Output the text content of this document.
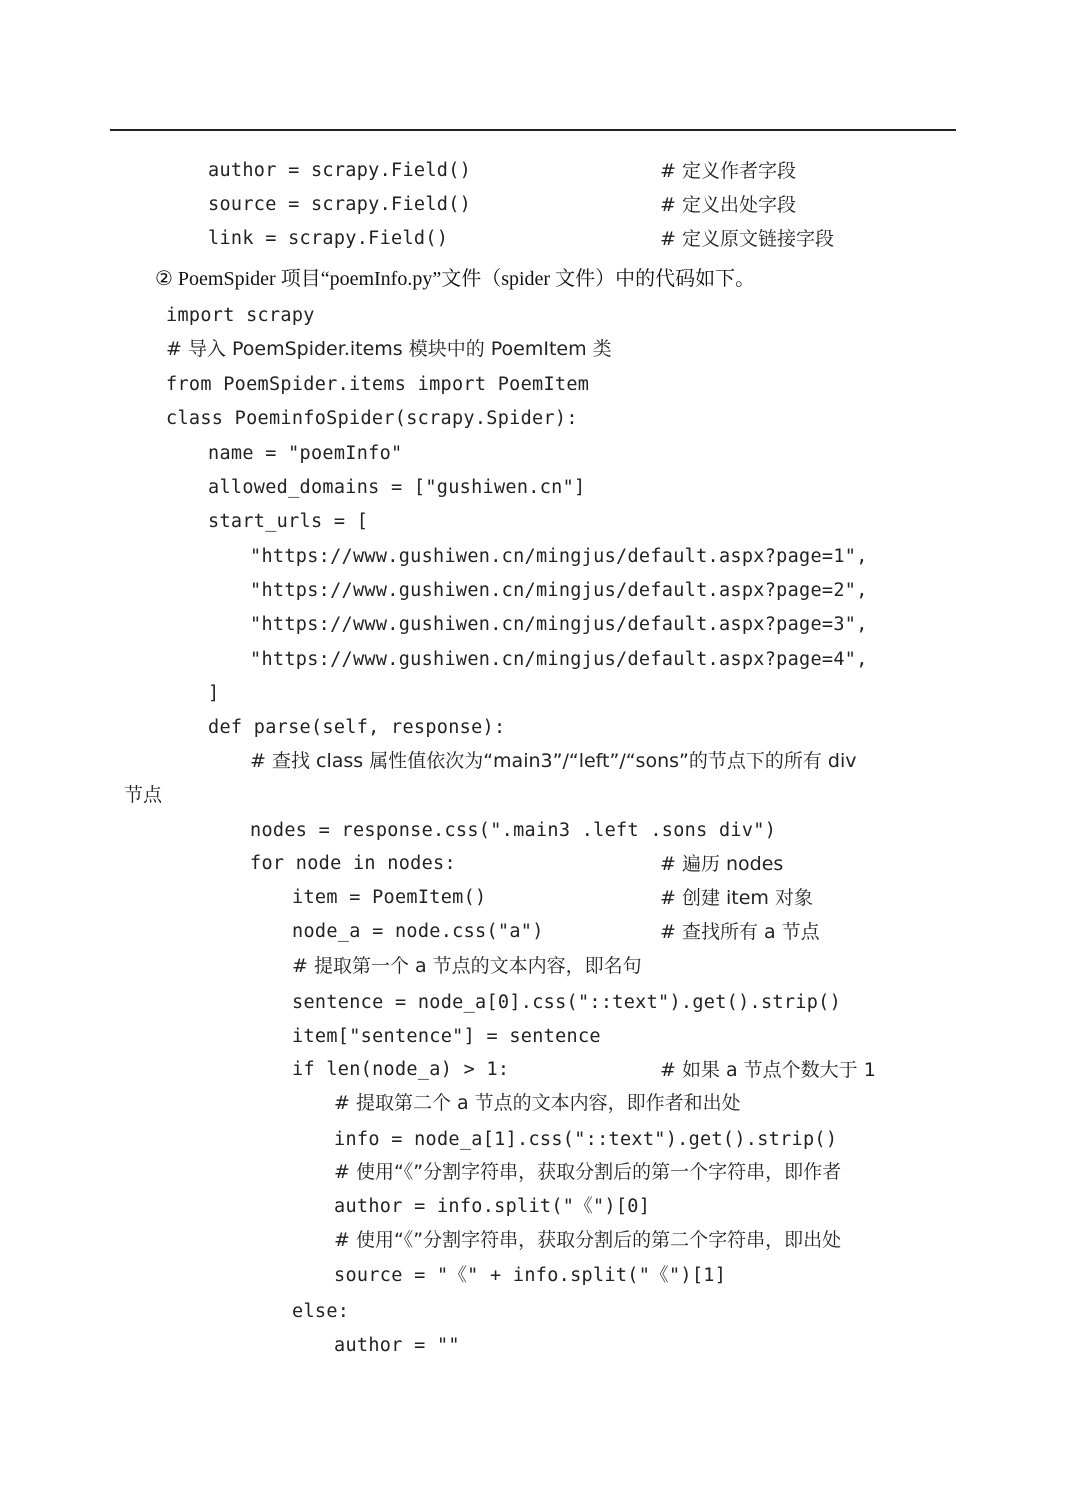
author = scrapy.Field()	# 定义作者字段
source = scrapy.Field()	# 定义出处字段
link = scrapy.Field()	# 定义原文链接字段
② PoemSpider 项目“poemInfo.py”文件（spider 文件）中的代码如下。
import scrapy
# 导入 PoemSpider.items 模块中的 PoemItem 类
from PoemSpider.items import PoemItem
class PoeminfoSpider(scrapy.Spider):
name = "poemInfo"
allowed_domains = ["gushiwen.cn"]
start_urls = [
"https://www.gushiwen.cn/mingjus/default.aspx?page=1",
"https://www.gushiwen.cn/mingjus/default.aspx?page=2",
"https://www.gushiwen.cn/mingjus/default.aspx?page=3",
"https://www.gushiwen.cn/mingjus/default.aspx?page=4",
]
def parse(self, response):
# 查找 class 属性值依次为“main3”/“left”/“sons”的节点下的所有 div
节点
nodes = response.css(".main3 .left .sons div")
for node in nodes:	# 遍历 nodes
item = PoemItem()	# 创建 item 对象
node_a = node.css("a")	# 查找所有 a 节点
# 提取第一个 a 节点的文本内容，即名句
sentence = node_a[0].css("::text").get().strip()
item["sentence"] = sentence
if len(node_a) > 1:	# 如果 a 节点个数大于 1
# 提取第二个 a 节点的文本内容，即作者和出处
info = node_a[1].css("::text").get().strip()
# 使用“《”分割字符串，获取分割后的第一个字符串，即作者
author = info.split("《")[0]
# 使用“《”分割字符串，获取分割后的第二个字符串，即出处
source = "《" + info.split("《")[1]
else:
author = ""
